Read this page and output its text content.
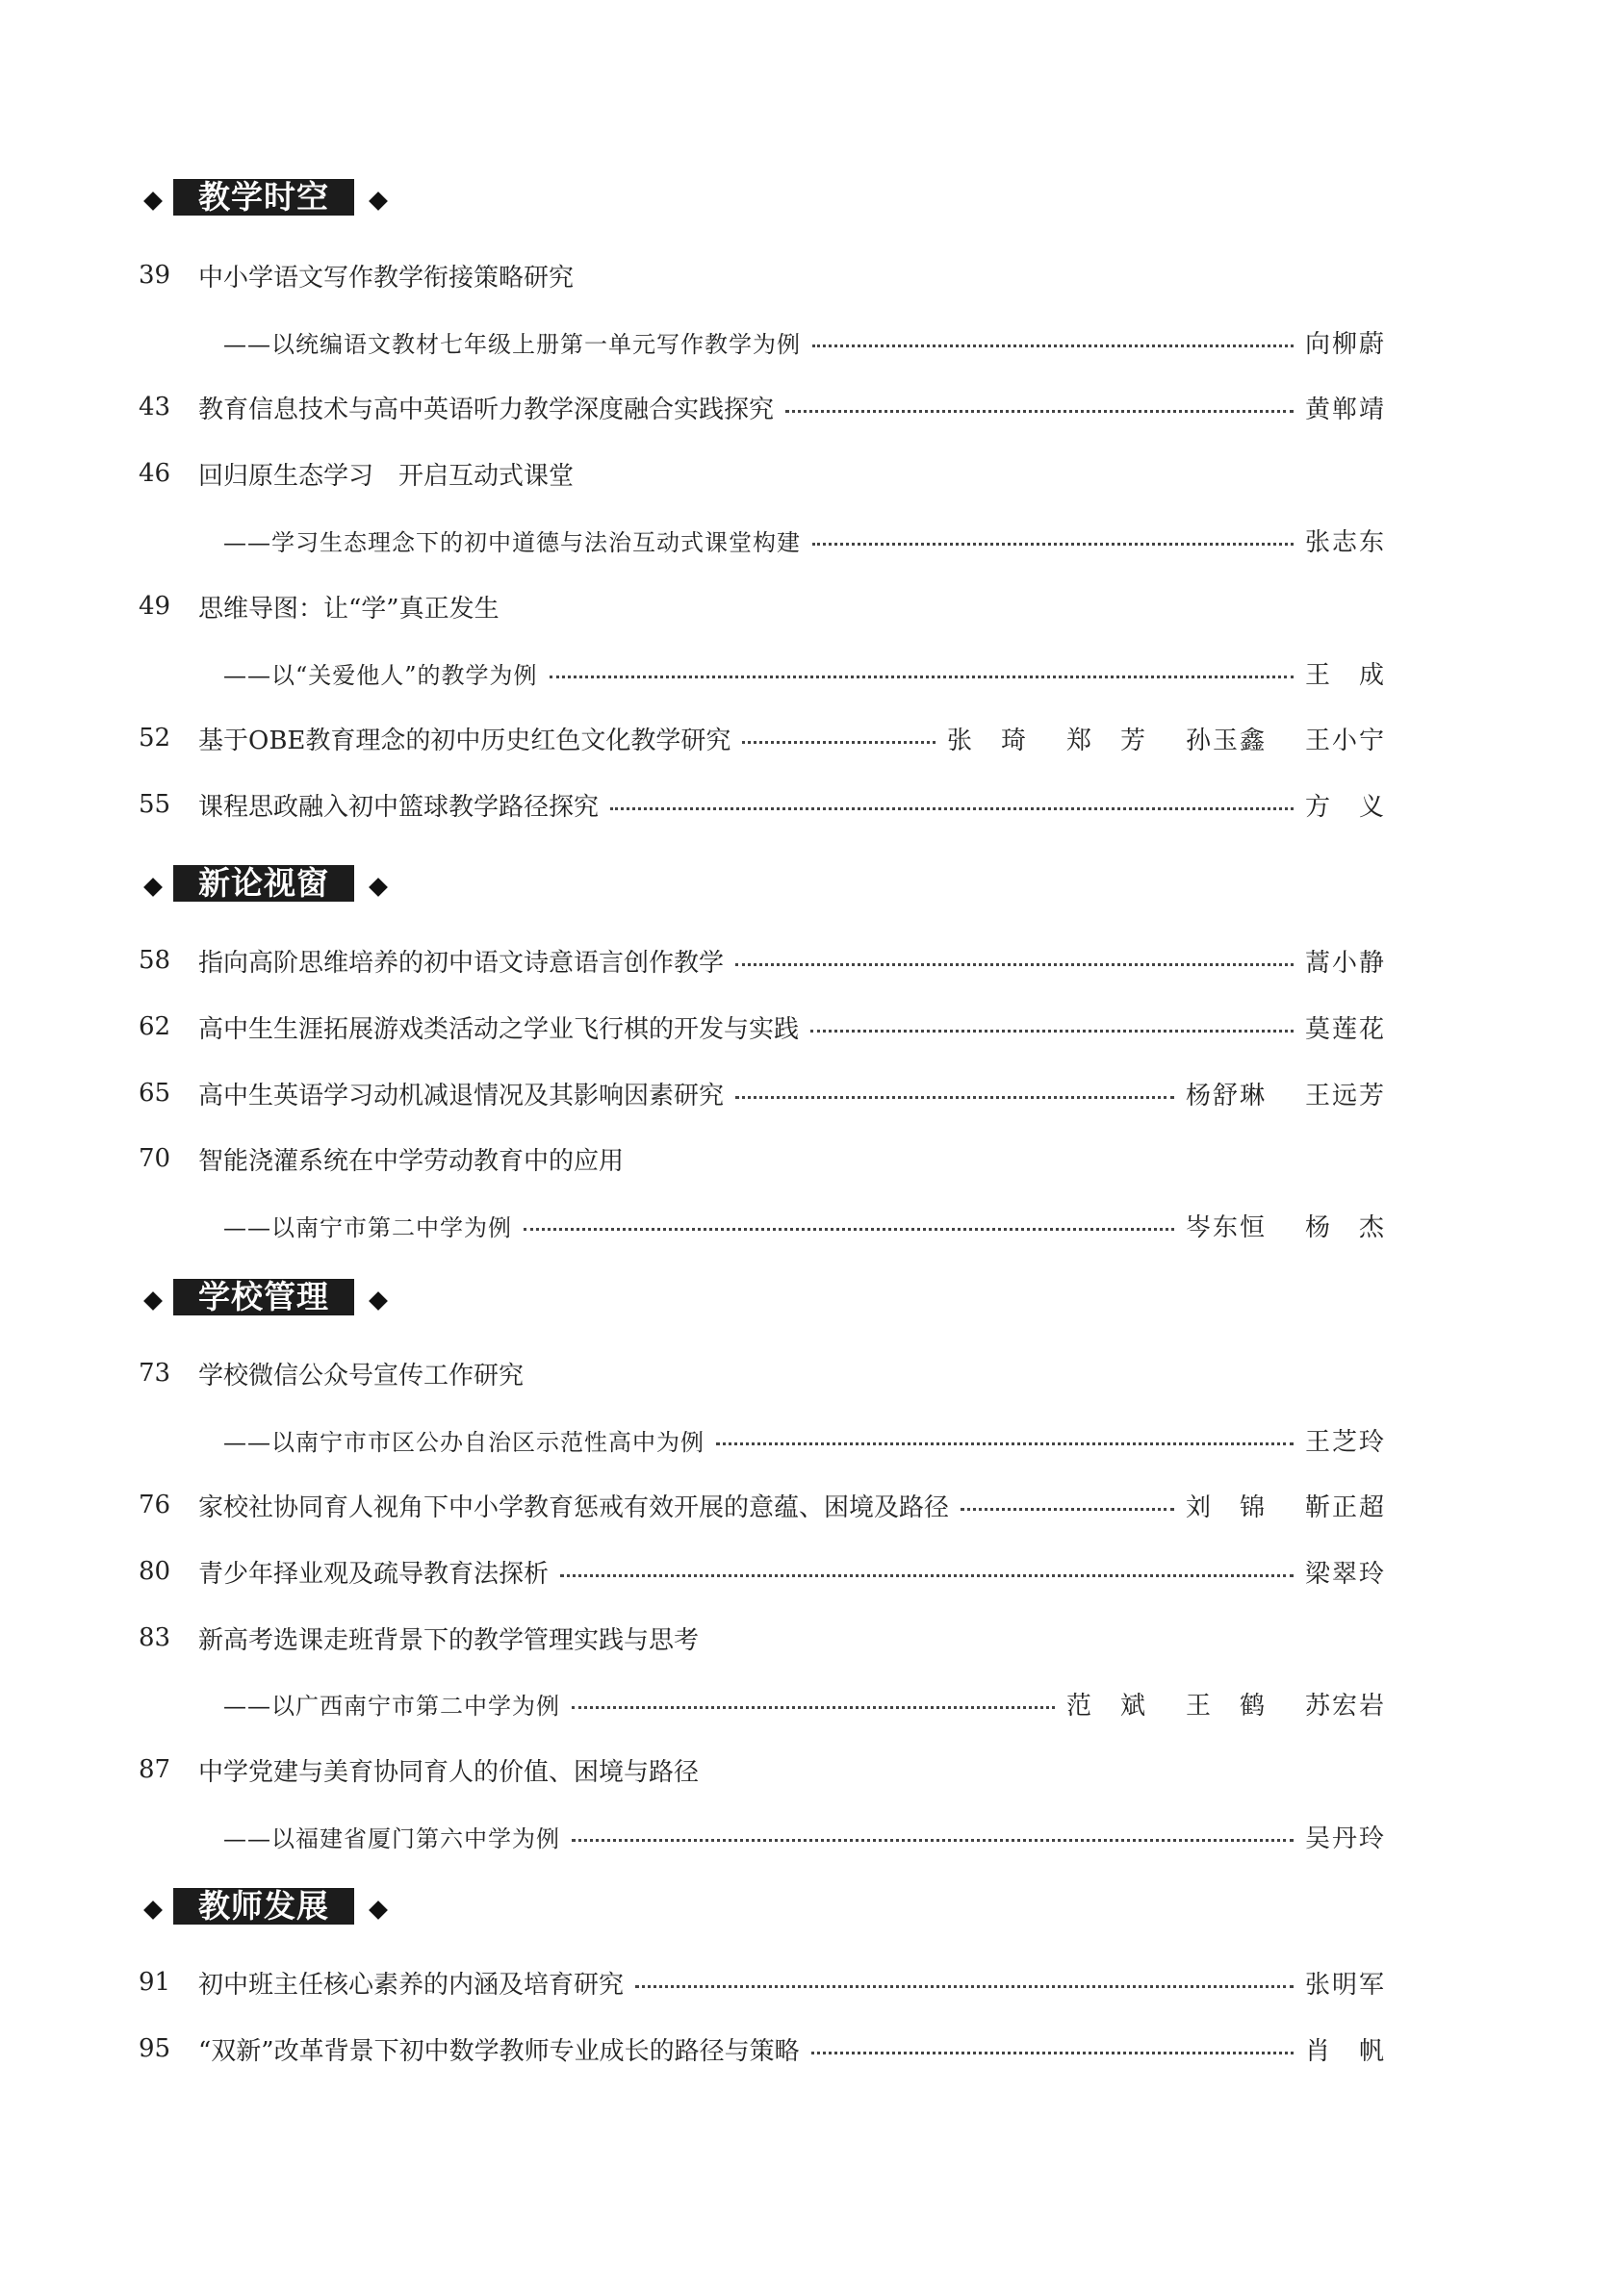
教学时空
39	中小学语文写作教学衔接策略研究
——以统编语文教材七年级上册第一单元写作教学为例	向柳蔚
43	教育信息技术与高中英语听力教学深度融合实践探究	黄郸靖
46	回归原生态学习　开启互动式课堂
——学习生态理念下的初中道德与法治互动式课堂构建	张志东
49	思维导图：让“学”真正发生
——以“关爱他人”的教学为例	王　成
52	基于OBE教育理念的初中历史红色文化教学研究	张　琦 郑　芳 孙玉鑫 王小宁
55	课程思政融入初中篮球教学路径探究	方　义
新论视窗
58	指向高阶思维培养的初中语文诗意语言创作教学	蒿小静
62	高中生生涯拓展游戏类活动之学业飞行棋的开发与实践	莫莲花
65	高中生英语学习动机减退情况及其影响因素研究	杨舒琳 王远芳
70	智能浇灌系统在中学劳动教育中的应用
——以南宁市第二中学为例	岑东恒 杨　杰
学校管理
73	学校微信公众号宣传工作研究
——以南宁市市区公办自治区示范性高中为例	王芝玲
76	家校社协同育人视角下中小学教育惩戒有效开展的意蕴、困境及路径	刘　锦 靳正超
80	青少年择业观及疏导教育法探析	梁翠玲
83	新高考选课走班背景下的教学管理实践与思考
——以广西南宁市第二中学为例	范　斌 王　鹤 苏宏岩
87	中学党建与美育协同育人的价值、困境与路径
——以福建省厦门第六中学为例	吴丹玲
教师发展
91	初中班主任核心素养的内涵及培育研究	张明军
95	“双新”改革背景下初中数学教师专业成长的路径与策略	肖　帆
